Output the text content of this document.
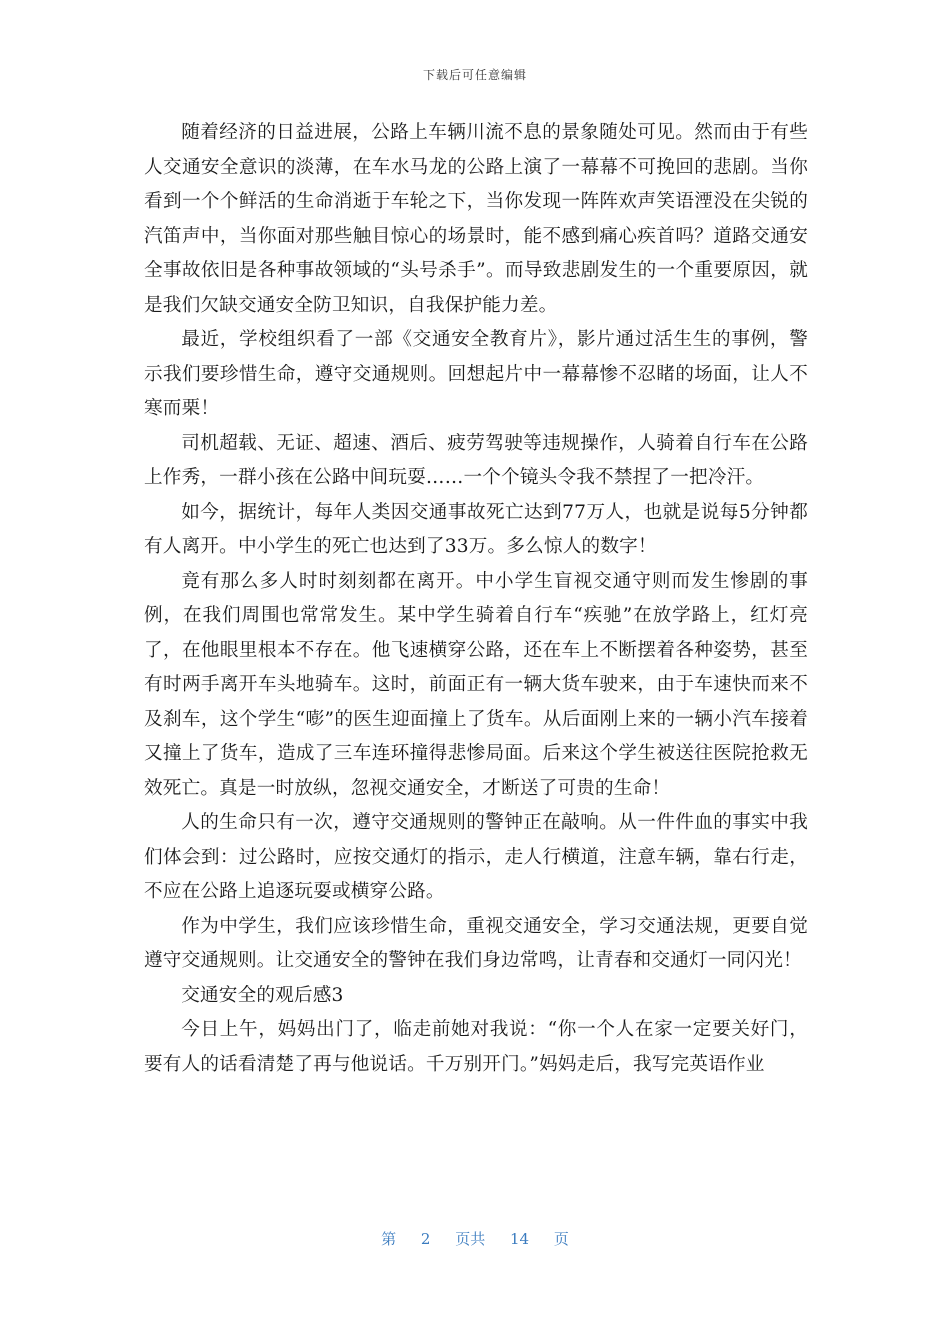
下载后可任意编辑

随着经济的日益进展，公路上车辆川流不息的景象随处可见。然而由于有些人交通安全意识的淡薄，在车水马龙的公路上演了一幕幕不可挽回的悲剧。当你看到一个个鲜活的生命消逝于车轮之下，当你发现一阵阵欢声笑语湮没在尖锐的汽笛声中，当你面对那些触目惊心的场景时，能不感到痛心疾首吗？道路交通安全事故依旧是各种事故领域的“头号杀手”。而导致悲剧发生的一个重要原因，就是我们欠缺交通安全防卫知识，自我保护能力差。

最近，学校组织看了一部《交通安全教育片》，影片通过活生生的事例，警示我们要珍惜生命，遵守交通规则。回想起片中一幕幕惨不忍睹的场面，让人不寒而栗！

司机超载、无证、超速、酒后、疲劳驾驶等违规操作，人骑着自行车在公路上作秀，一群小孩在公路中间玩耍……一个个镜头令我不禁捏了一把冷汗。

如今，据统计，每年人类因交通事故死亡达到77万人，也就是说每5分钟都有人离开。中小学生的死亡也达到了33万。多么惊人的数字！

竟有那么多人时时刻刻都在离开。中小学生盲视交通守则而发生惨剧的事例，在我们周围也常常发生。某中学生骑着自行车“疾驰”在放学路上，红灯亮了，在他眼里根本不存在。他飞速横穿公路，还在车上不断摆着各种姿势，甚至有时两手离开车头地骑车。这时，前面正有一辆大货车驶来，由于车速快而来不及刹车，这个学生“嘭”的医生迎面撞上了货车。从后面刚上来的一辆小汽车接着又撞上了货车，造成了三车连环撞得悲惨局面。后来这个学生被送往医院抢救无效死亡。真是一时放纵，忽视交通安全，才断送了可贵的生命！

人的生命只有一次，遵守交通规则的警钟正在敲响。从一件件血的事实中我们体会到：过公路时，应按交通灯的指示，走人行横道，注意车辆，靠右行走，不应在公路上追逐玩耍或横穿公路。

作为中学生，我们应该珍惜生命，重视交通安全，学习交通法规，更要自觉遵守交通规则。让交通安全的警钟在我们身边常鸣，让青春和交通灯一同闪光！

交通安全的观后感3

今日上午，妈妈出门了，临走前她对我说：“你一个人在家一定要关好门，要有人的话看清楚了再与他说话。千万别开门。”妈妈走后，我写完英语作业

第 2 页共 14 页
